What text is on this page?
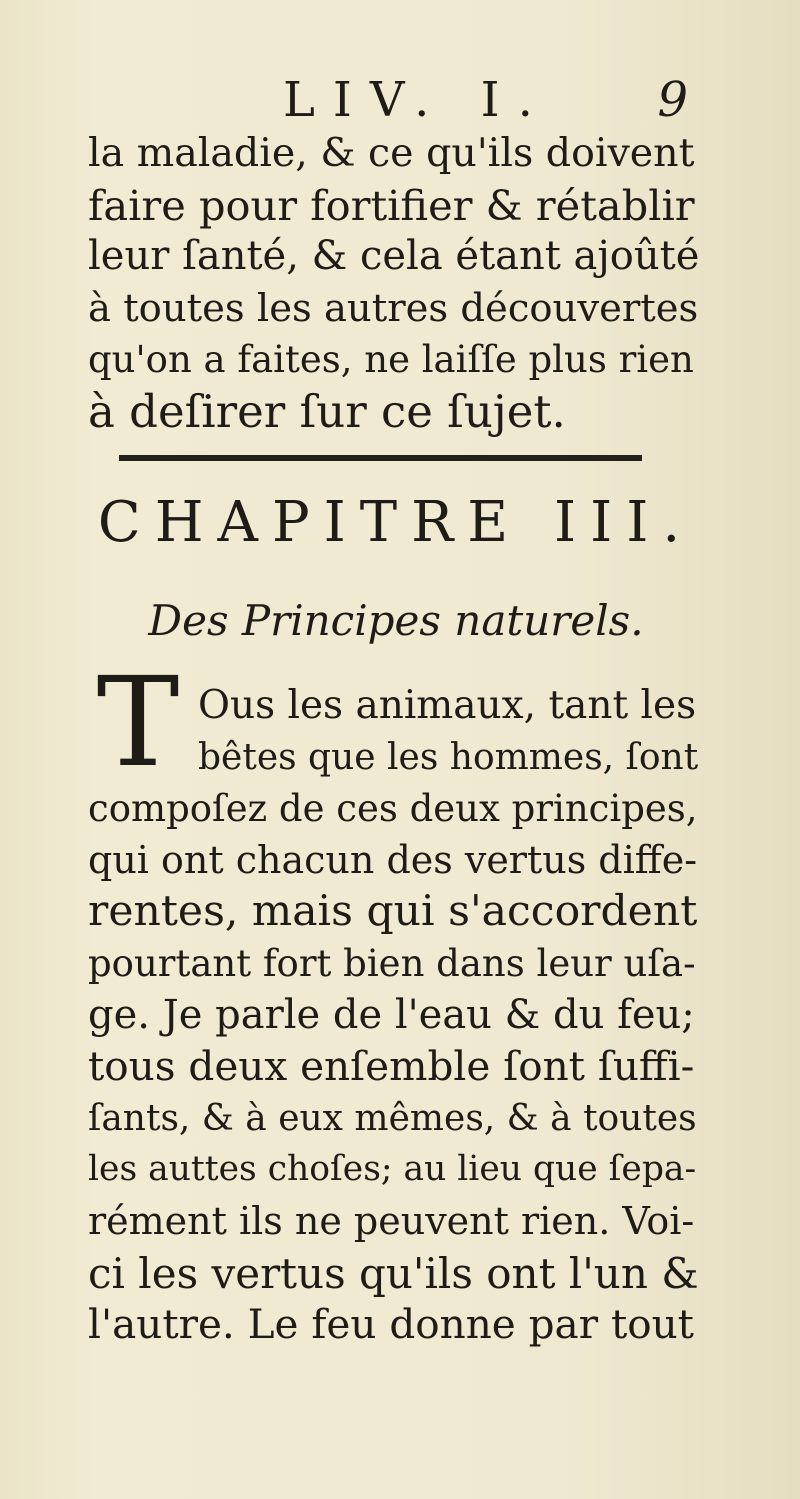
LIV. I. 9

la maladie, & ce qu'ils doivent
faire pour fortifier & rétablir
leur ſanté, & cela étant ajoûté
à toutes les autres découvertes
qu'on a faites, ne laiſſe plus rien
à deſirer ſur ce ſujet.

CHAPITRE III.
Des Principes naturels.
T Ous les animaux, tant les
bêtes que les hommes, ſont
compoſez de ces deux principes,
qui ont chacun des vertus diffe-
rentes, mais qui s'accordent
pourtant fort bien dans leur uſa-
ge. Je parle de l'eau & du feu;
tous deux enſemble ſont ſuffi-
ſants, & à eux mêmes, & à toutes
les auttes choſes; au lieu que ſepa-
rément ils ne peuvent rien. Voi-
ci les vertus qu'ils ont l'un &
l'autre. Le feu donne par tout
